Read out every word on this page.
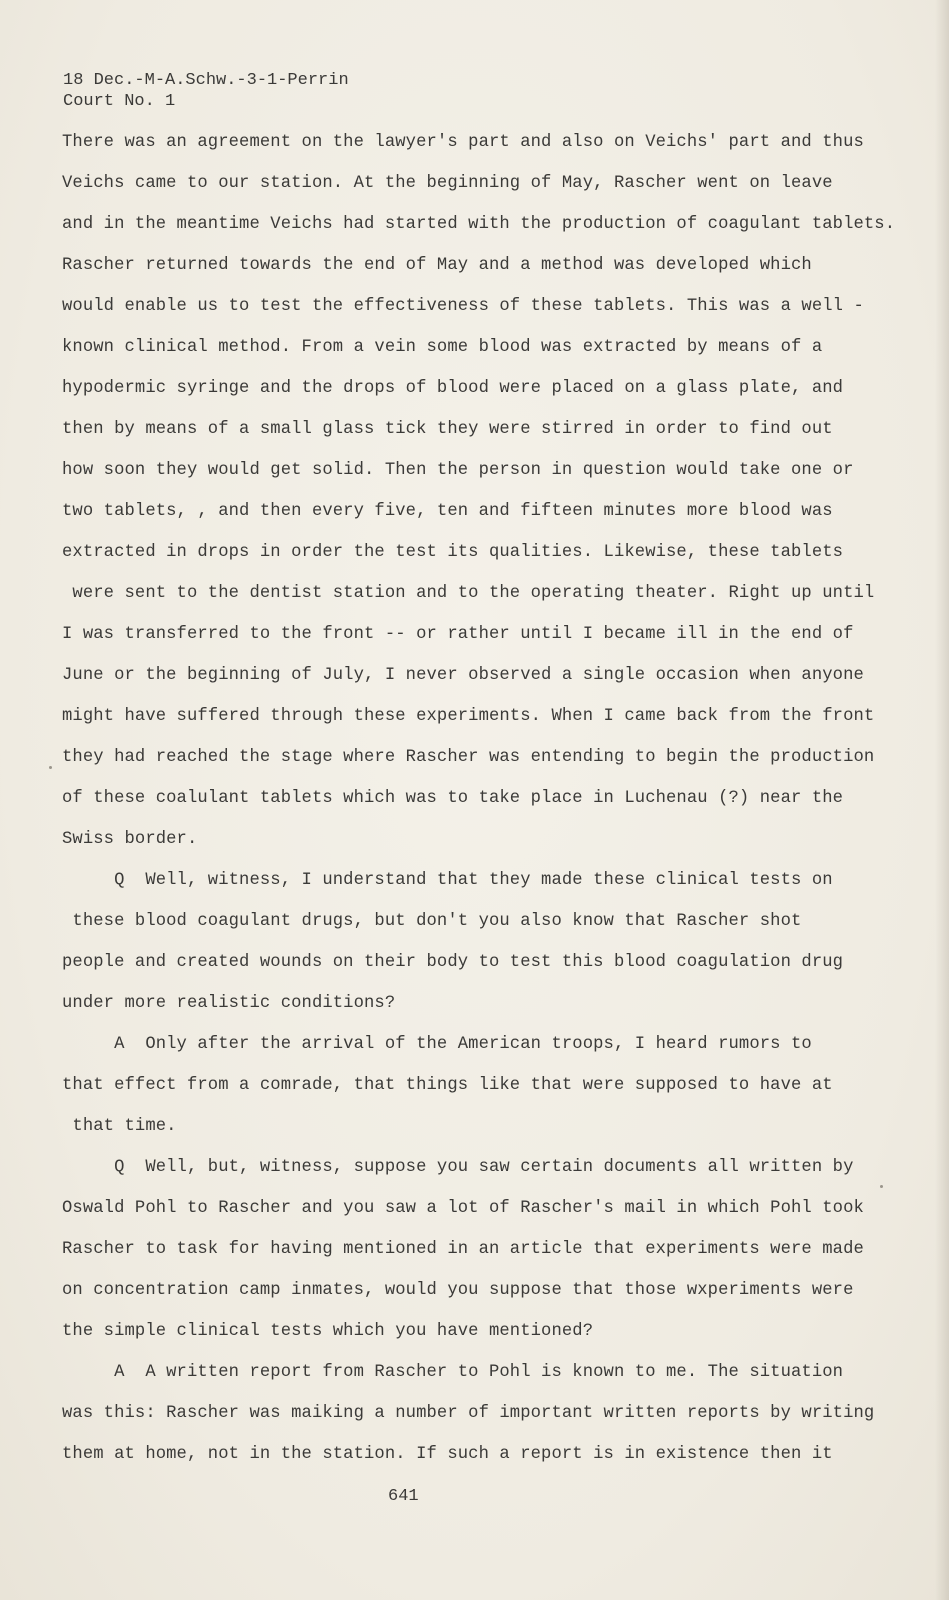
18 Dec.-M-A.Schw.-3-1-Perrin
Court No. 1
There was an agreement on the lawyer's part and also on Veichs' part and thus
Veichs came to our station. At the beginning of May, Rascher went on leave
and in the meantime Veichs had started with the production of coagulant tablets.
Rascher returned towards the end of May and a method was developed which
would enable us to test the effectiveness of these tablets. This was a well -
known clinical method. From a vein some blood was extracted by means of a
hypodermic syringe and the drops of blood were placed on a glass plate, and
then by means of a small glass tick they were stirred in order to find out
how soon they would get solid. Then the person in question would take one or
two tablets, , and then every five, ten and fifteen minutes more blood was
extracted in drops in order the test its qualities. Likewise, these tablets
were sent to the dentist station and to the operating theater. Right up until
I was transferred to the front -- or rather until I became ill in the end of
June or the beginning of July, I never observed a single occasion when anyone
might have suffered through these experiments. When I came back from the front
they had reached the stage where Rascher was entending to begin the production
of these coalulant tablets which was to take place in Luchenau (?) near the
Swiss border.
Q  Well, witness, I understand that they made these clinical tests on
these blood coagulant drugs, but don't you also know that Rascher shot
people and created wounds on their body to test this blood coagulation drug
under more realistic conditions?
A  Only after the arrival of the American troops, I heard rumors to
that effect from a comrade, that things like that were supposed to have at
that time.
Q  Well, but, witness, suppose you saw certain documents all written by
Oswald Pohl to Rascher and you saw a lot of Rascher's mail in which Pohl took
Rascher to task for having mentioned in an article that experiments were made
on concentration camp inmates, would you suppose that those wxperiments were
the simple clinical tests which you have mentioned?
A  A written report from Rascher to Pohl is known to me. The situation
was this: Rascher was maiking a number of important written reports by writing
them at home, not in the station. If such a report is in existence then it
641
